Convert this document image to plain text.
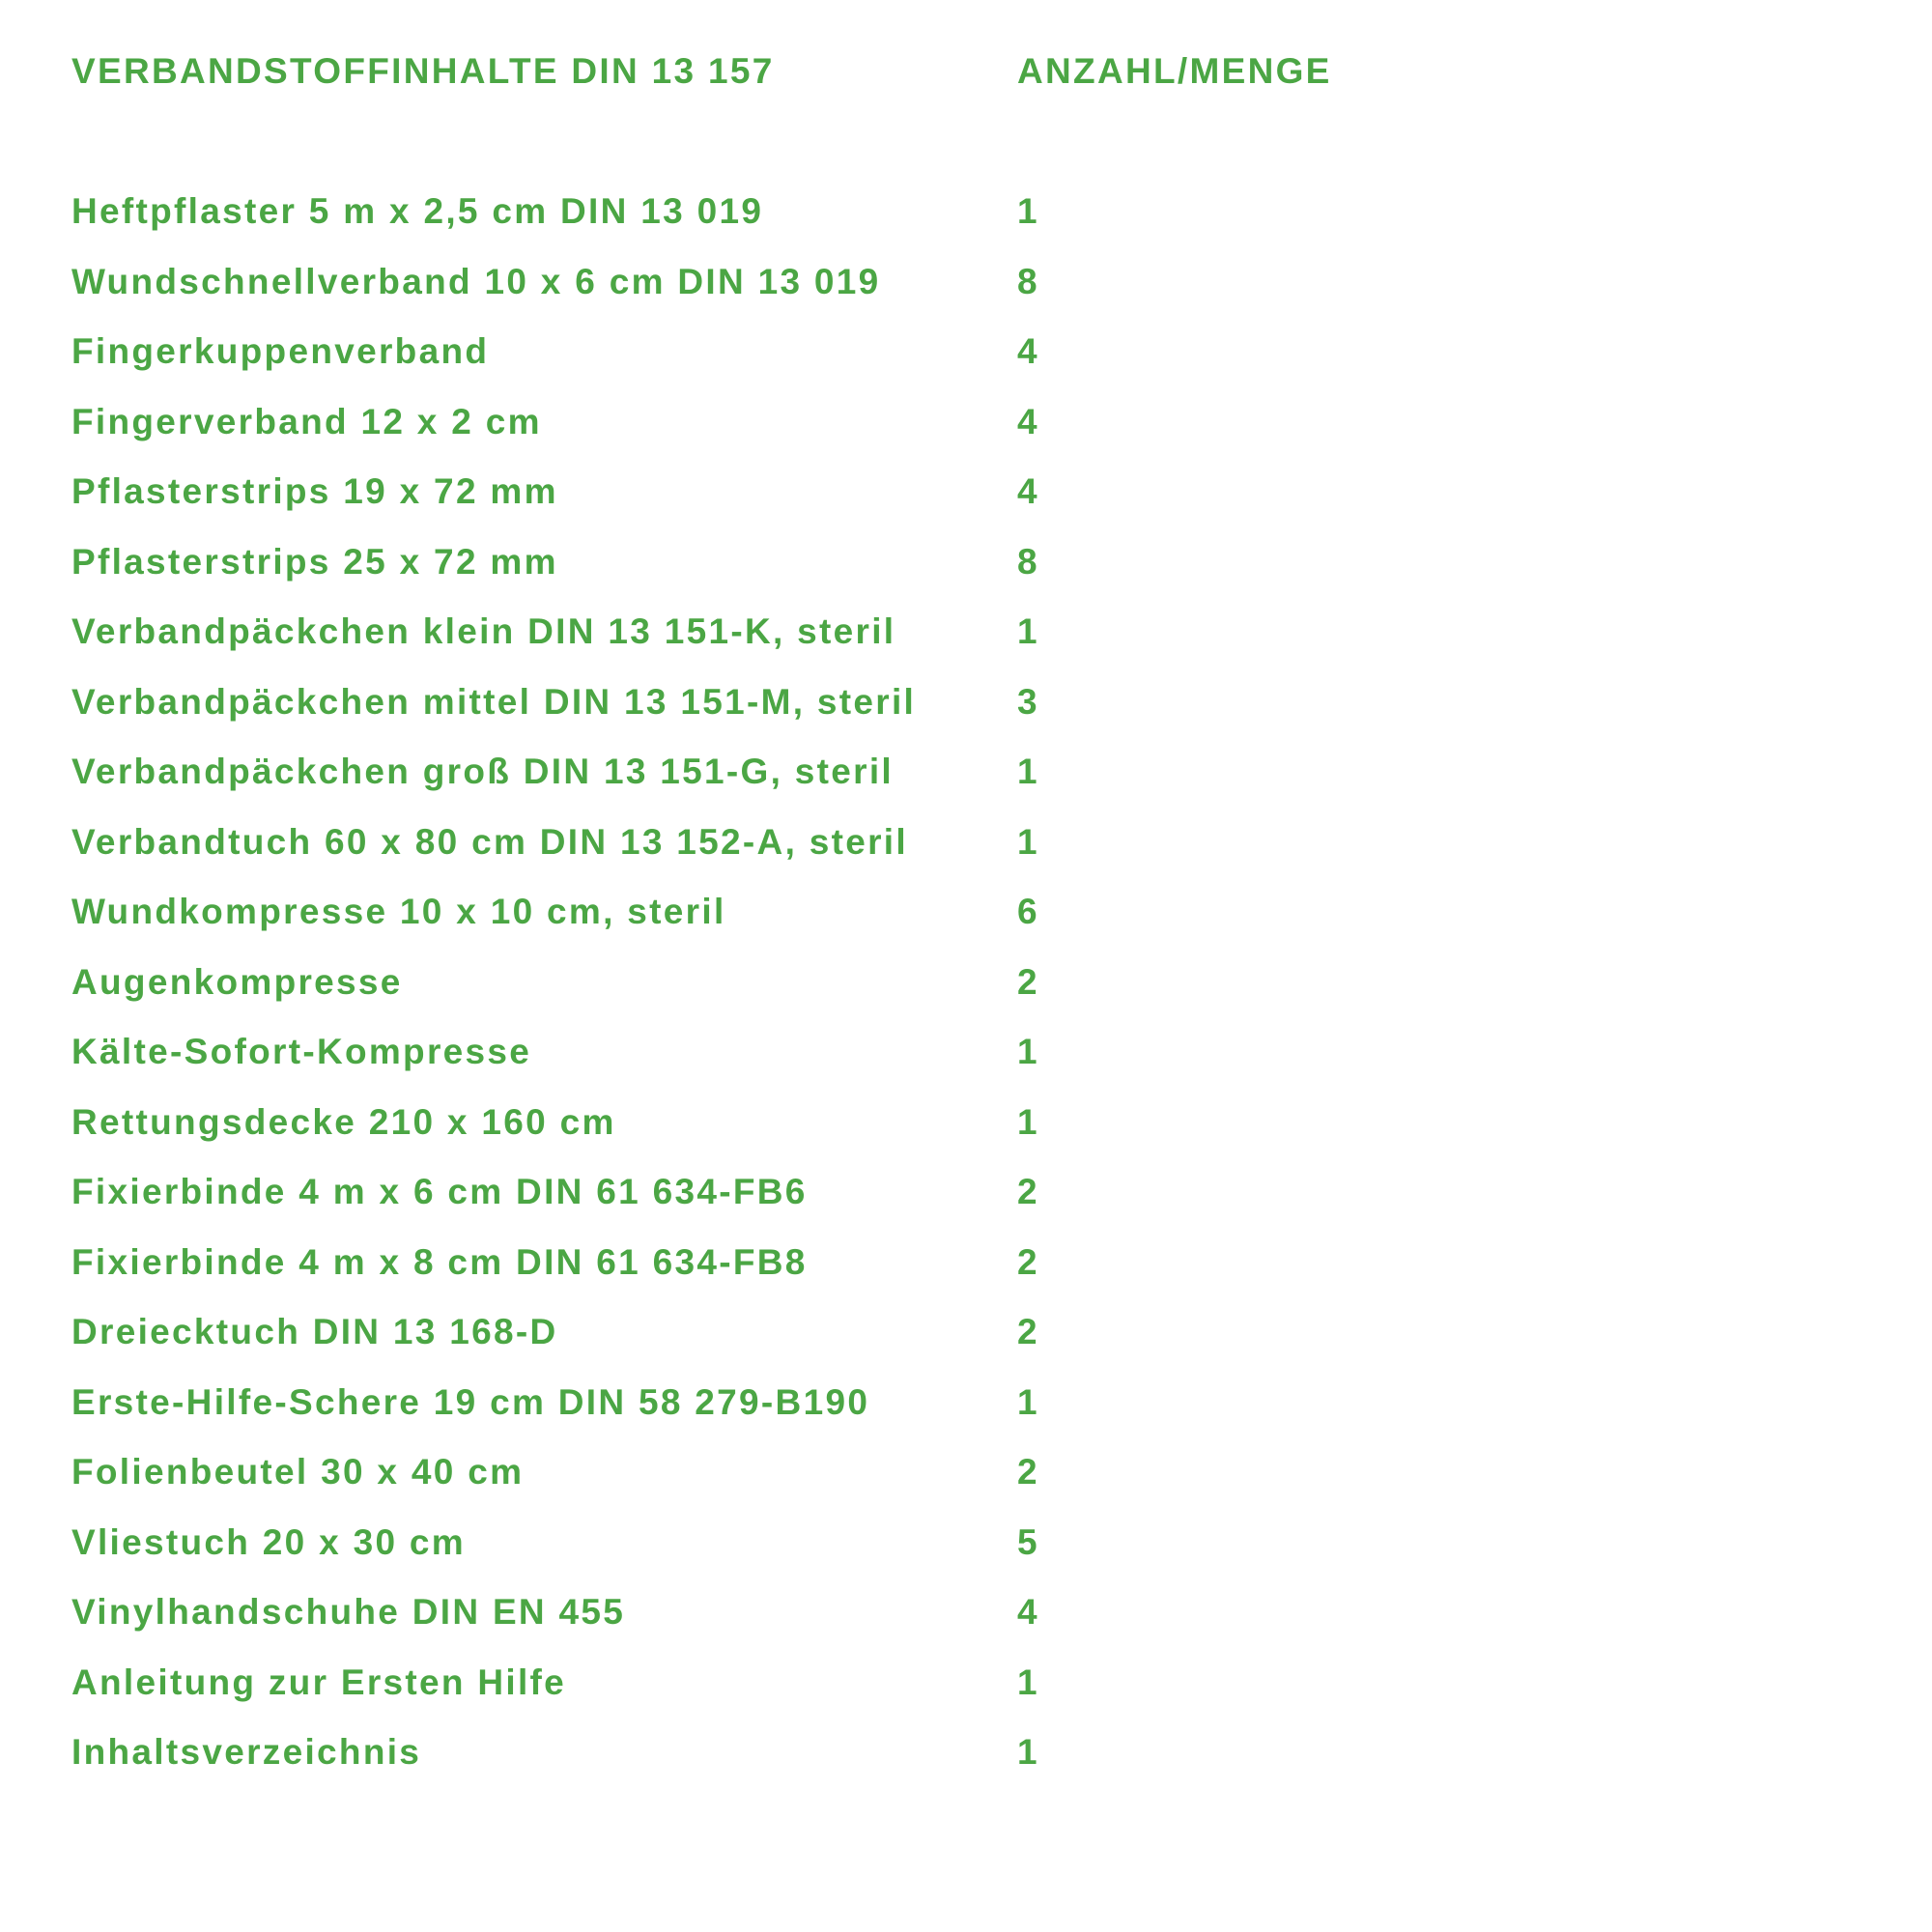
VERBANDSTOFFINHALTE DIN 13 157	ANZAHL/MENGE
Heftpflaster 5 m x 2,5 cm DIN 13 019	1
Wundschnellverband 10 x 6 cm DIN 13 019	8
Fingerkuppenverband	4
Fingerverband 12 x 2 cm	4
Pflasterstrips 19 x 72 mm	4
Pflasterstrips 25 x 72 mm	8
Verbandpäckchen klein DIN 13 151-K, steril	1
Verbandpäckchen mittel DIN 13 151-M, steril	3
Verbandpäckchen groß DIN 13 151-G, steril	1
Verbandtuch 60 x 80 cm DIN 13 152-A, steril	1
Wundkompresse 10 x 10 cm, steril	6
Augenkompresse	2
Kälte-Sofort-Kompresse	1
Rettungsdecke 210 x 160 cm	1
Fixierbinde 4 m x 6 cm DIN 61 634-FB6	2
Fixierbinde 4 m x 8 cm DIN 61 634-FB8	2
Dreiecktuch DIN 13 168-D	2
Erste-Hilfe-Schere 19 cm DIN 58 279-B190	1
Folienbeutel 30 x 40 cm	2
Vliestuch 20 x 30 cm	5
Vinylhandschuhe DIN EN 455	4
Anleitung zur Ersten Hilfe	1
Inhaltsverzeichnis	1
